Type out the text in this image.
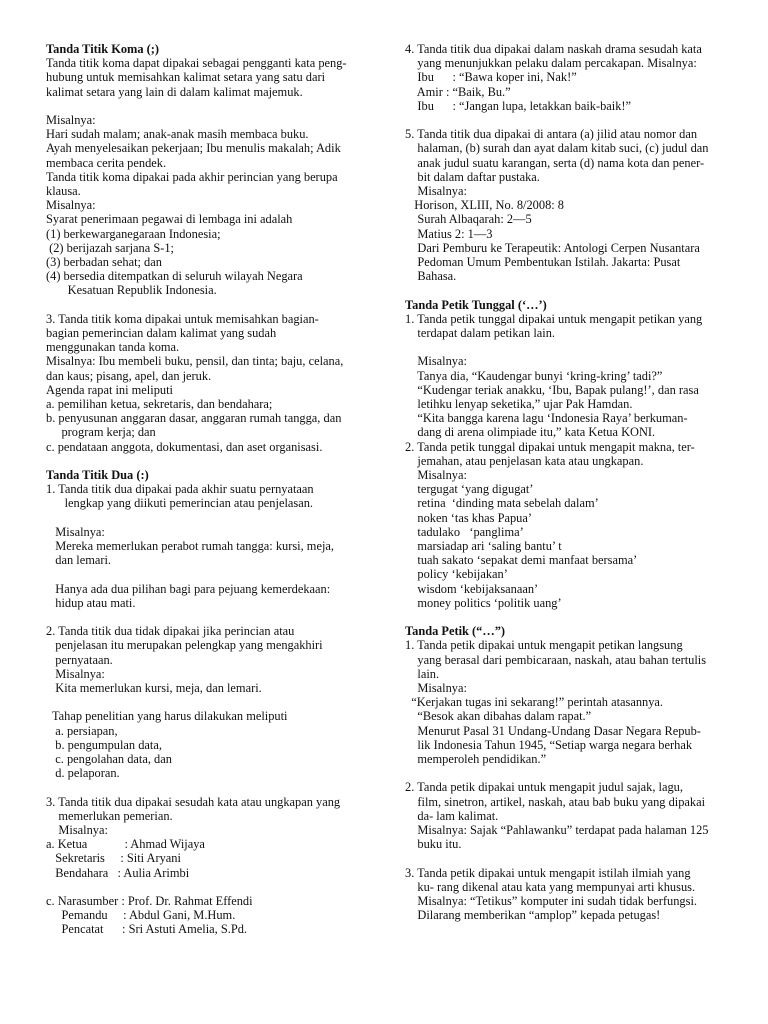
Tanda Titik Koma (;)
Tanda titik koma dapat dipakai sebagai pengganti kata peng-
hubung untuk memisahkan kalimat setara yang satu dari
kalimat setara yang lain di dalam kalimat majemuk.
Misalnya:
Hari sudah malam; anak-anak masih membaca buku.
Ayah menyelesaikan pekerjaan; Ibu menulis makalah; Adik
membaca cerita pendek.
Tanda titik koma dipakai pada akhir perincian yang berupa
klausa.
Misalnya:
Syarat penerimaan pegawai di lembaga ini adalah
(1) berkewarganegaraan Indonesia;
(2) berijazah sarjana S-1;
(3) berbadan sehat; dan
(4) bersedia ditempatkan di seluruh wilayah Negara
Kesatuan Republik Indonesia.
3. Tanda titik koma dipakai untuk memisahkan bagian-
bagian pemerincian dalam kalimat yang sudah
menggunakan tanda koma.
Misalnya: Ibu membeli buku, pensil, dan tinta; baju, celana,
dan kaus; pisang, apel, dan jeruk.
Agenda rapat ini meliputi
a. pemilihan ketua, sekretaris, dan bendahara;
b. penyusunan anggaran dasar, anggaran rumah tangga, dan
program kerja; dan
c. pendataan anggota, dokumentasi, dan aset organisasi.
Tanda Titik Dua (:)
1. Tanda titik dua dipakai pada akhir suatu pernyataan
lengkap yang diikuti pemerincian atau penjelasan.
Misalnya:
Mereka memerlukan perabot rumah tangga: kursi, meja,
dan lemari.
Hanya ada dua pilihan bagi para pejuang kemerdekaan:
hidup atau mati.
2. Tanda titik dua tidak dipakai jika perincian atau
penjelasan itu merupakan pelengkap yang mengakhiri
pernyataan.
Misalnya:
Kita memerlukan kursi, meja, dan lemari.
Tahap penelitian yang harus dilakukan meliputi
a. persiapan,
b. pengumpulan data,
c. pengolahan data, dan
d. pelaporan.
3. Tanda titik dua dipakai sesudah kata atau ungkapan yang
memerlukan pemerian.
Misalnya:
a. Ketua            : Ahmad Wijaya
Sekretaris     : Siti Aryani
Bendahara   : Aulia Arimbi
c. Narasumber : Prof. Dr. Rahmat Effendi
Pemandu     : Abdul Gani, M.Hum.
Pencatat      : Sri Astuti Amelia, S.Pd.
4. Tanda titik dua dipakai dalam naskah drama sesudah kata
yang menunjukkan pelaku dalam percakapan. Misalnya:
Ibu      : “Bawa koper ini, Nak!”
Amir : “Baik, Bu.”
Ibu      : “Jangan lupa, letakkan baik-baik!”
5. Tanda titik dua dipakai di antara (a) jilid atau nomor dan
halaman, (b) surah dan ayat dalam kitab suci, (c) judul dan
anak judul suatu karangan, serta (d) nama kota dan pener-
bit dalam daftar pustaka.
Misalnya:
Horison, XLIII, No. 8/2008: 8
Surah Albaqarah: 2—5
Matius 2: 1—3
Dari Pemburu ke Terapeutik: Antologi Cerpen Nusantara
Pedoman Umum Pembentukan Istilah. Jakarta: Pusat
Bahasa.
Tanda Petik Tunggal (‘…’)
1. Tanda petik tunggal dipakai untuk mengapit petikan yang
terdapat dalam petikan lain.
Misalnya:
Tanya dia, “Kaudengar bunyi ‘kring-kring’ tadi?”
“Kudengar teriak anakku, ‘Ibu, Bapak pulang!’, dan rasa
letihku lenyap seketika,” ujar Pak Hamdan.
“Kita bangga karena lagu ‘Indonesia Raya’ berkuman-
dang di arena olimpiade itu,” kata Ketua KONI.
2. Tanda petik tunggal dipakai untuk mengapit makna, ter-
jemahan, atau penjelasan kata atau ungkapan.
Misalnya:
tergugat ‘yang digugat’
retina  ‘dinding mata sebelah dalam’
noken ‘tas khas Papua’
tadulako   ‘panglima’
marsiadap ari ‘saling bantu’ t
tuah sakato ‘sepakat demi manfaat bersama’
policy ‘kebijakan’
wisdom ‘kebijaksanaan’
money politics ‘politik uang’
Tanda Petik (“…”)
1. Tanda petik dipakai untuk mengapit petikan langsung
yang berasal dari pembicaraan, naskah, atau bahan tertulis
lain.
Misalnya:
“Kerjakan tugas ini sekarang!” perintah atasannya.
“Besok akan dibahas dalam rapat.”
Menurut Pasal 31 Undang-Undang Dasar Negara Repub-
lik Indonesia Tahun 1945, “Setiap warga negara berhak
memperoleh pendidikan.”
2. Tanda petik dipakai untuk mengapit judul sajak, lagu,
film, sinetron, artikel, naskah, atau bab buku yang dipakai
da- lam kalimat.
Misalnya: Sajak “Pahlawanku” terdapat pada halaman 125
buku itu.
3. Tanda petik dipakai untuk mengapit istilah ilmiah yang
ku- rang dikenal atau kata yang mempunyai arti khusus.
Misalnya: “Tetikus” komputer ini sudah tidak berfungsi.
Dilarang memberikan “amplop” kepada petugas!
